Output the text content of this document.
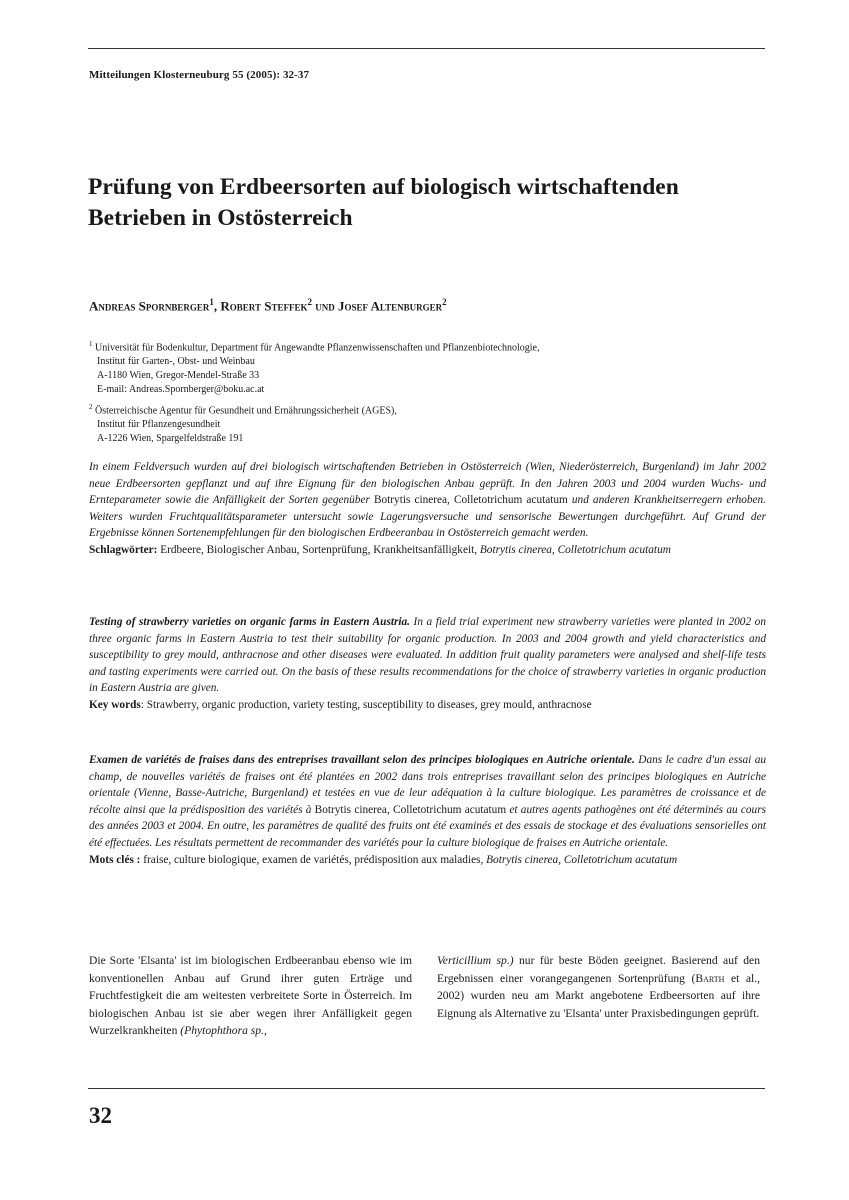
Mitteilungen Klosterneuburg 55 (2005): 32-37
Prüfung von Erdbeersorten auf biologisch wirtschaftenden Betrieben in Ostösterreich
Andreas Spornberger$^1$, Robert Steffek$^2$ und Josef Altenburger$^2$
$^1$ Universität für Bodenkultur, Department für Angewandte Pflanzenwissenschaften und Pflanzenbiotechnologie,
Institut für Garten-, Obst- und Weinbau
A-1180 Wien, Gregor-Mendel-Straße 33
E-mail: Andreas.Spornberger@boku.ac.at
$^2$ Österreichische Agentur für Gesundheit und Ernährungssicherheit (AGES),
Institut für Pflanzengesundheit
A-1226 Wien, Spargelfeldstraße 191
In einem Feldversuch wurden auf drei biologisch wirtschaftenden Betrieben in Ostösterreich (Wien, Niederösterreich, Burgenland) im Jahr 2002 neue Erdbeersorten gepflanzt und auf ihre Eignung für den biologischen Anbau geprüft. In den Jahren 2003 und 2004 wurden Wuchs- und Ernteparameter sowie die Anfälligkeit der Sorten gegenüber Botrytis cinerea, Colletotrichum acutatum und anderen Krankheitserregern erhoben. Weiters wurden Fruchtqualitätsparameter untersucht sowie Lagerungsversuche und sensorische Bewertungen durchgeführt. Auf Grund der Ergebnisse können Sortenempfehlungen für den biologischen Erdbeeranbau in Ostösterreich gemacht werden.
Schlagwörter: Erdbeere, Biologischer Anbau, Sortenprüfung, Krankheitsanfälligkeit, Botrytis cinerea, Colletotrichum acutatum
Testing of strawberry varieties on organic farms in Eastern Austria. In a field trial experiment new strawberry varieties were planted in 2002 on three organic farms in Eastern Austria to test their suitability for organic production. In 2003 and 2004 growth and yield characteristics and susceptibility to grey mould, anthracnose and other diseases were evaluated. In addition fruit quality parameters were analysed and shelf-life tests and tasting experiments were carried out. On the basis of these results recommendations for the choice of strawberry varieties in organic production in Eastern Austria are given.
Key words: Strawberry, organic production, variety testing, susceptibility to diseases, grey mould, anthracnose
Examen de variétés de fraises dans des entreprises travaillant selon des principes biologiques en Autriche orientale. Dans le cadre d'un essai au champ, de nouvelles variétés de fraises ont été plantées en 2002 dans trois entreprises travaillant selon des principes biologiques en Autriche orientale (Vienne, Basse-Autriche, Burgenland) et testées en vue de leur adéquation à la culture biologique. Les paramètres de croissance et de récolte ainsi que la prédisposition des variétés à Botrytis cinerea, Colletotrichum acutatum et autres agents pathogènes ont été déterminés au cours des années 2003 et 2004. En outre, les paramètres de qualité des fruits ont été examinés et des essais de stockage et des évaluations sensorielles ont été effectuées. Les résultats permettent de recommander des variétés pour la culture biologique de fraises en Autriche orientale.
Mots clés : fraise, culture biologique, examen de variétés, prédisposition aux maladies, Botrytis cinerea, Colletotrichum acutatum
Die Sorte 'Elsanta' ist im biologischen Erdbeeranbau ebenso wie im konventionellen Anbau auf Grund ihrer guten Erträge und Fruchtfestigkeit die am weitesten verbreitete Sorte in Österreich. Im biologischen Anbau ist sie aber wegen ihrer Anfälligkeit gegen Wurzelkrankheiten (Phytophthora sp.,
Verticillium sp.) nur für beste Böden geeignet. Basierend auf den Ergebnissen einer vorangegangenen Sortenprüfung (Barth et al., 2002) wurden neu am Markt angebotene Erdbeersorten auf ihre Eignung als Alternative zu 'Elsanta' unter Praxisbedingungen geprüft.
32
